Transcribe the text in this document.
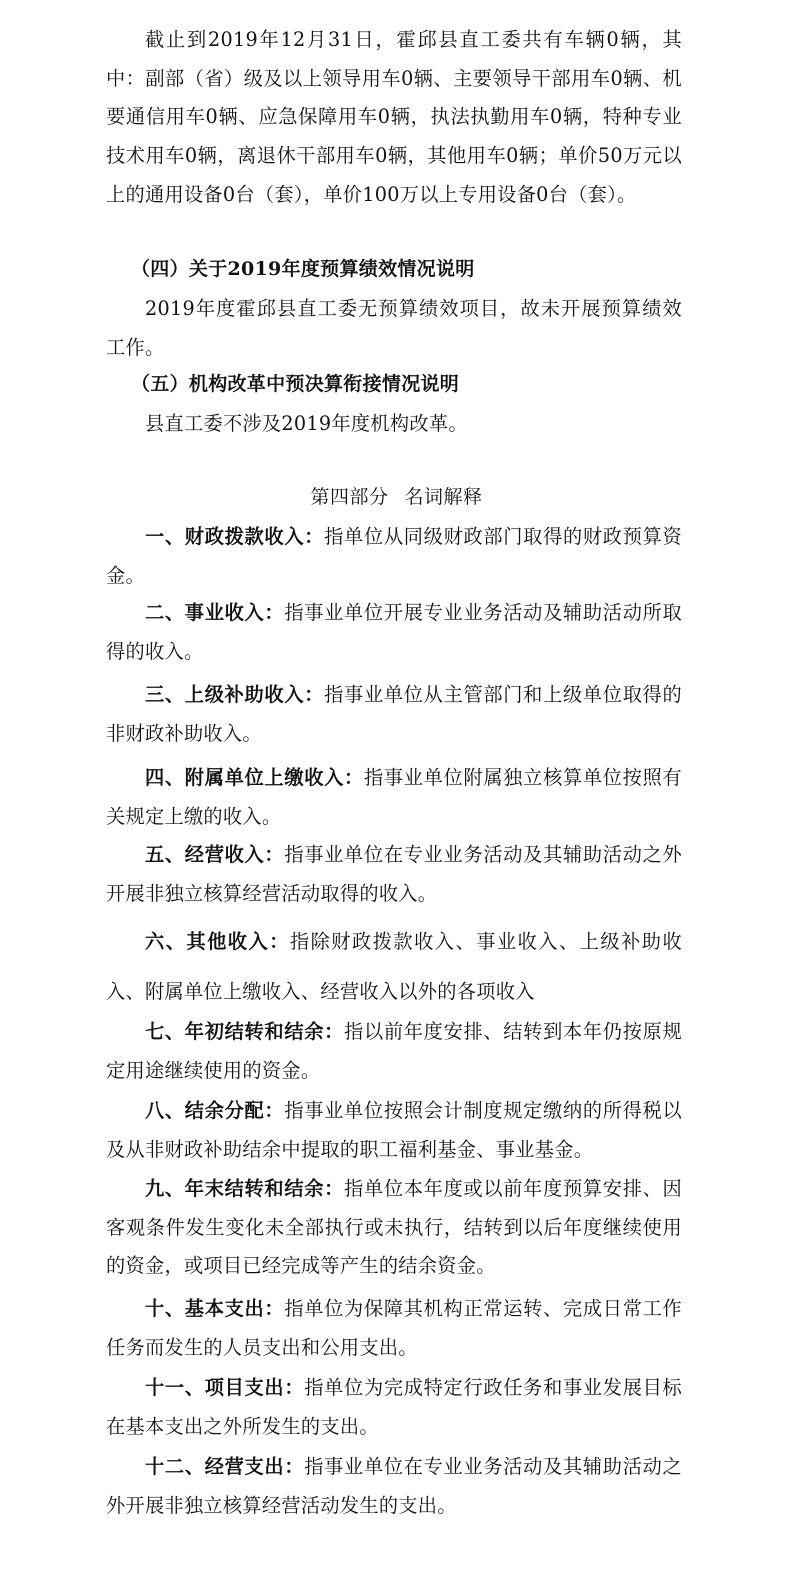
截止到2019年12月31日，霍邱县直工委共有车辆0辆，其中：副部（省）级及以上领导用车0辆、主要领导干部用车0辆、机要通信用车0辆、应急保障用车0辆，执法执勤用车0辆，特种专业技术用车0辆，离退休干部用车0辆，其他用车0辆；单价50万元以上的通用设备0台（套），单价100万以上专用设备0台（套）。

（四）关于2019年度预算绩效情况说明

2019年度霍邱县直工委无预算绩效项目，故未开展预算绩效工作。

（五）机构改革中预决算衔接情况说明

县直工委不涉及2019年度机构改革。

第四部分 名词解释

一、财政拨款收入：指单位从同级财政部门取得的财政预算资金。

二、事业收入：指事业单位开展专业业务活动及辅助活动所取得的收入。

三、上级补助收入：指事业单位从主管部门和上级单位取得的非财政补助收入。

四、附属单位上缴收入：指事业单位附属独立核算单位按照有关规定上缴的收入。

五、经营收入：指事业单位在专业业务活动及其辅助活动之外开展非独立核算经营活动取得的收入。

六、其他收入：指除财政拨款收入、事业收入、上级补助收入、附属单位上缴收入、经营收入以外的各项收入

七、年初结转和结余：指以前年度安排、结转到本年仍按原规定用途继续使用的资金。

八、结余分配：指事业单位按照会计制度规定缴纳的所得税以及从非财政补助结余中提取的职工福利基金、事业基金。

九、年末结转和结余：指单位本年度或以前年度预算安排、因客观条件发生变化未全部执行或未执行，结转到以后年度继续使用的资金，或项目已经完成等产生的结余资金。

十、基本支出：指单位为保障其机构正常运转、完成日常工作任务而发生的人员支出和公用支出。

十一、项目支出：指单位为完成特定行政任务和事业发展目标在基本支出之外所发生的支出。

十二、经营支出：指事业单位在专业业务活动及其辅助活动之外开展非独立核算经营活动发生的支出。
